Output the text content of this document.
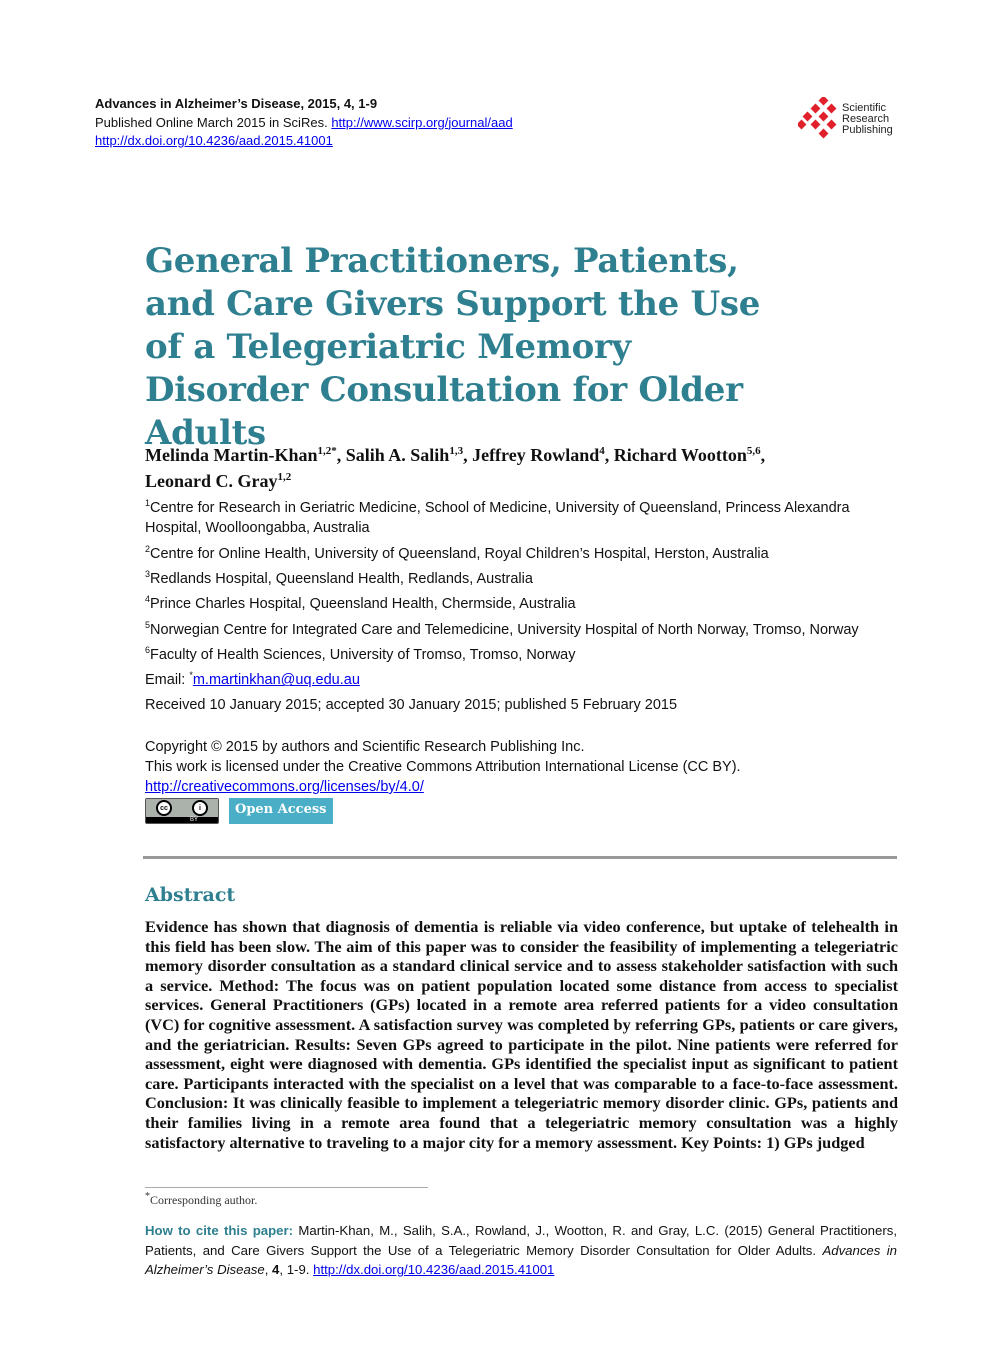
Advances in Alzheimer’s Disease, 2015, 4, 1-9
Published Online March 2015 in SciRes. http://www.scirp.org/journal/aad
http://dx.doi.org/10.4236/aad.2015.41001
Scientific
Research
Publishing
General Practitioners, Patients, and Care Givers Support the Use of a Telegeriatric Memory Disorder Consultation for Older Adults
Melinda Martin-Khan$^{1,2*}$, Salih A. Salih$^{1,3}$, Jeffrey Rowland$^4$, Richard Wootton$^{5,6}$,
Leonard C. Gray$^{1,2}$
$^1$Centre for Research in Geriatric Medicine, School of Medicine, University of Queensland, Princess Alexandra Hospital, Woolloongabba, Australia
$^2$Centre for Online Health, University of Queensland, Royal Children’s Hospital, Herston, Australia
$^3$Redlands Hospital, Queensland Health, Redlands, Australia
$^4$Prince Charles Hospital, Queensland Health, Chermside, Australia
$^5$Norwegian Centre for Integrated Care and Telemedicine, University Hospital of North Norway, Tromso, Norway
$^6$Faculty of Health Sciences, University of Tromso, Tromso, Norway
Email: *m.martinkhan@uq.edu.au
Received 10 January 2015; accepted 30 January 2015; published 5 February 2015
Copyright © 2015 by authors and Scientific Research Publishing Inc.
This work is licensed under the Creative Commons Attribution International License (CC BY).
http://creativecommons.org/licenses/by/4.0/
cc	i
BY
Open Access
Abstract

Evidence has shown that diagnosis of dementia is reliable via video conference, but uptake of telehealth in this field has been slow. The aim of this paper was to consider the feasibility of implementing a telegeriatric memory disorder consultation as a standard clinical service and to assess stakeholder satisfaction with such a service. Method: The focus was on patient population located some distance from access to specialist services. General Practitioners (GPs) located in a remote area referred patients for a video consultation (VC) for cognitive assessment. A satisfaction survey was completed by referring GPs, patients or care givers, and the geriatrician. Results: Seven GPs agreed to participate in the pilot. Nine patients were referred for assessment, eight were diagnosed with dementia. GPs identified the specialist input as significant to patient care. Participants interacted with the specialist on a level that was comparable to a face-to-face assessment. Conclusion: It was clinically feasible to implement a telegeriatric memory disorder clinic. GPs, patients and their families living in a remote area found that a telegeriatric memory consultation was a highly satisfactory alternative to traveling to a major city for a memory assessment. Key Points: 1) GPs judged

*Corresponding author.
How to cite this paper: Martin-Khan, M., Salih, S.A., Rowland, J., Wootton, R. and Gray, L.C. (2015) General Practitioners, Patients, and Care Givers Support the Use of a Telegeriatric Memory Disorder Consultation for Older Adults. Advances in Alzheimer’s Disease, 4, 1-9. http://dx.doi.org/10.4236/aad.2015.41001
